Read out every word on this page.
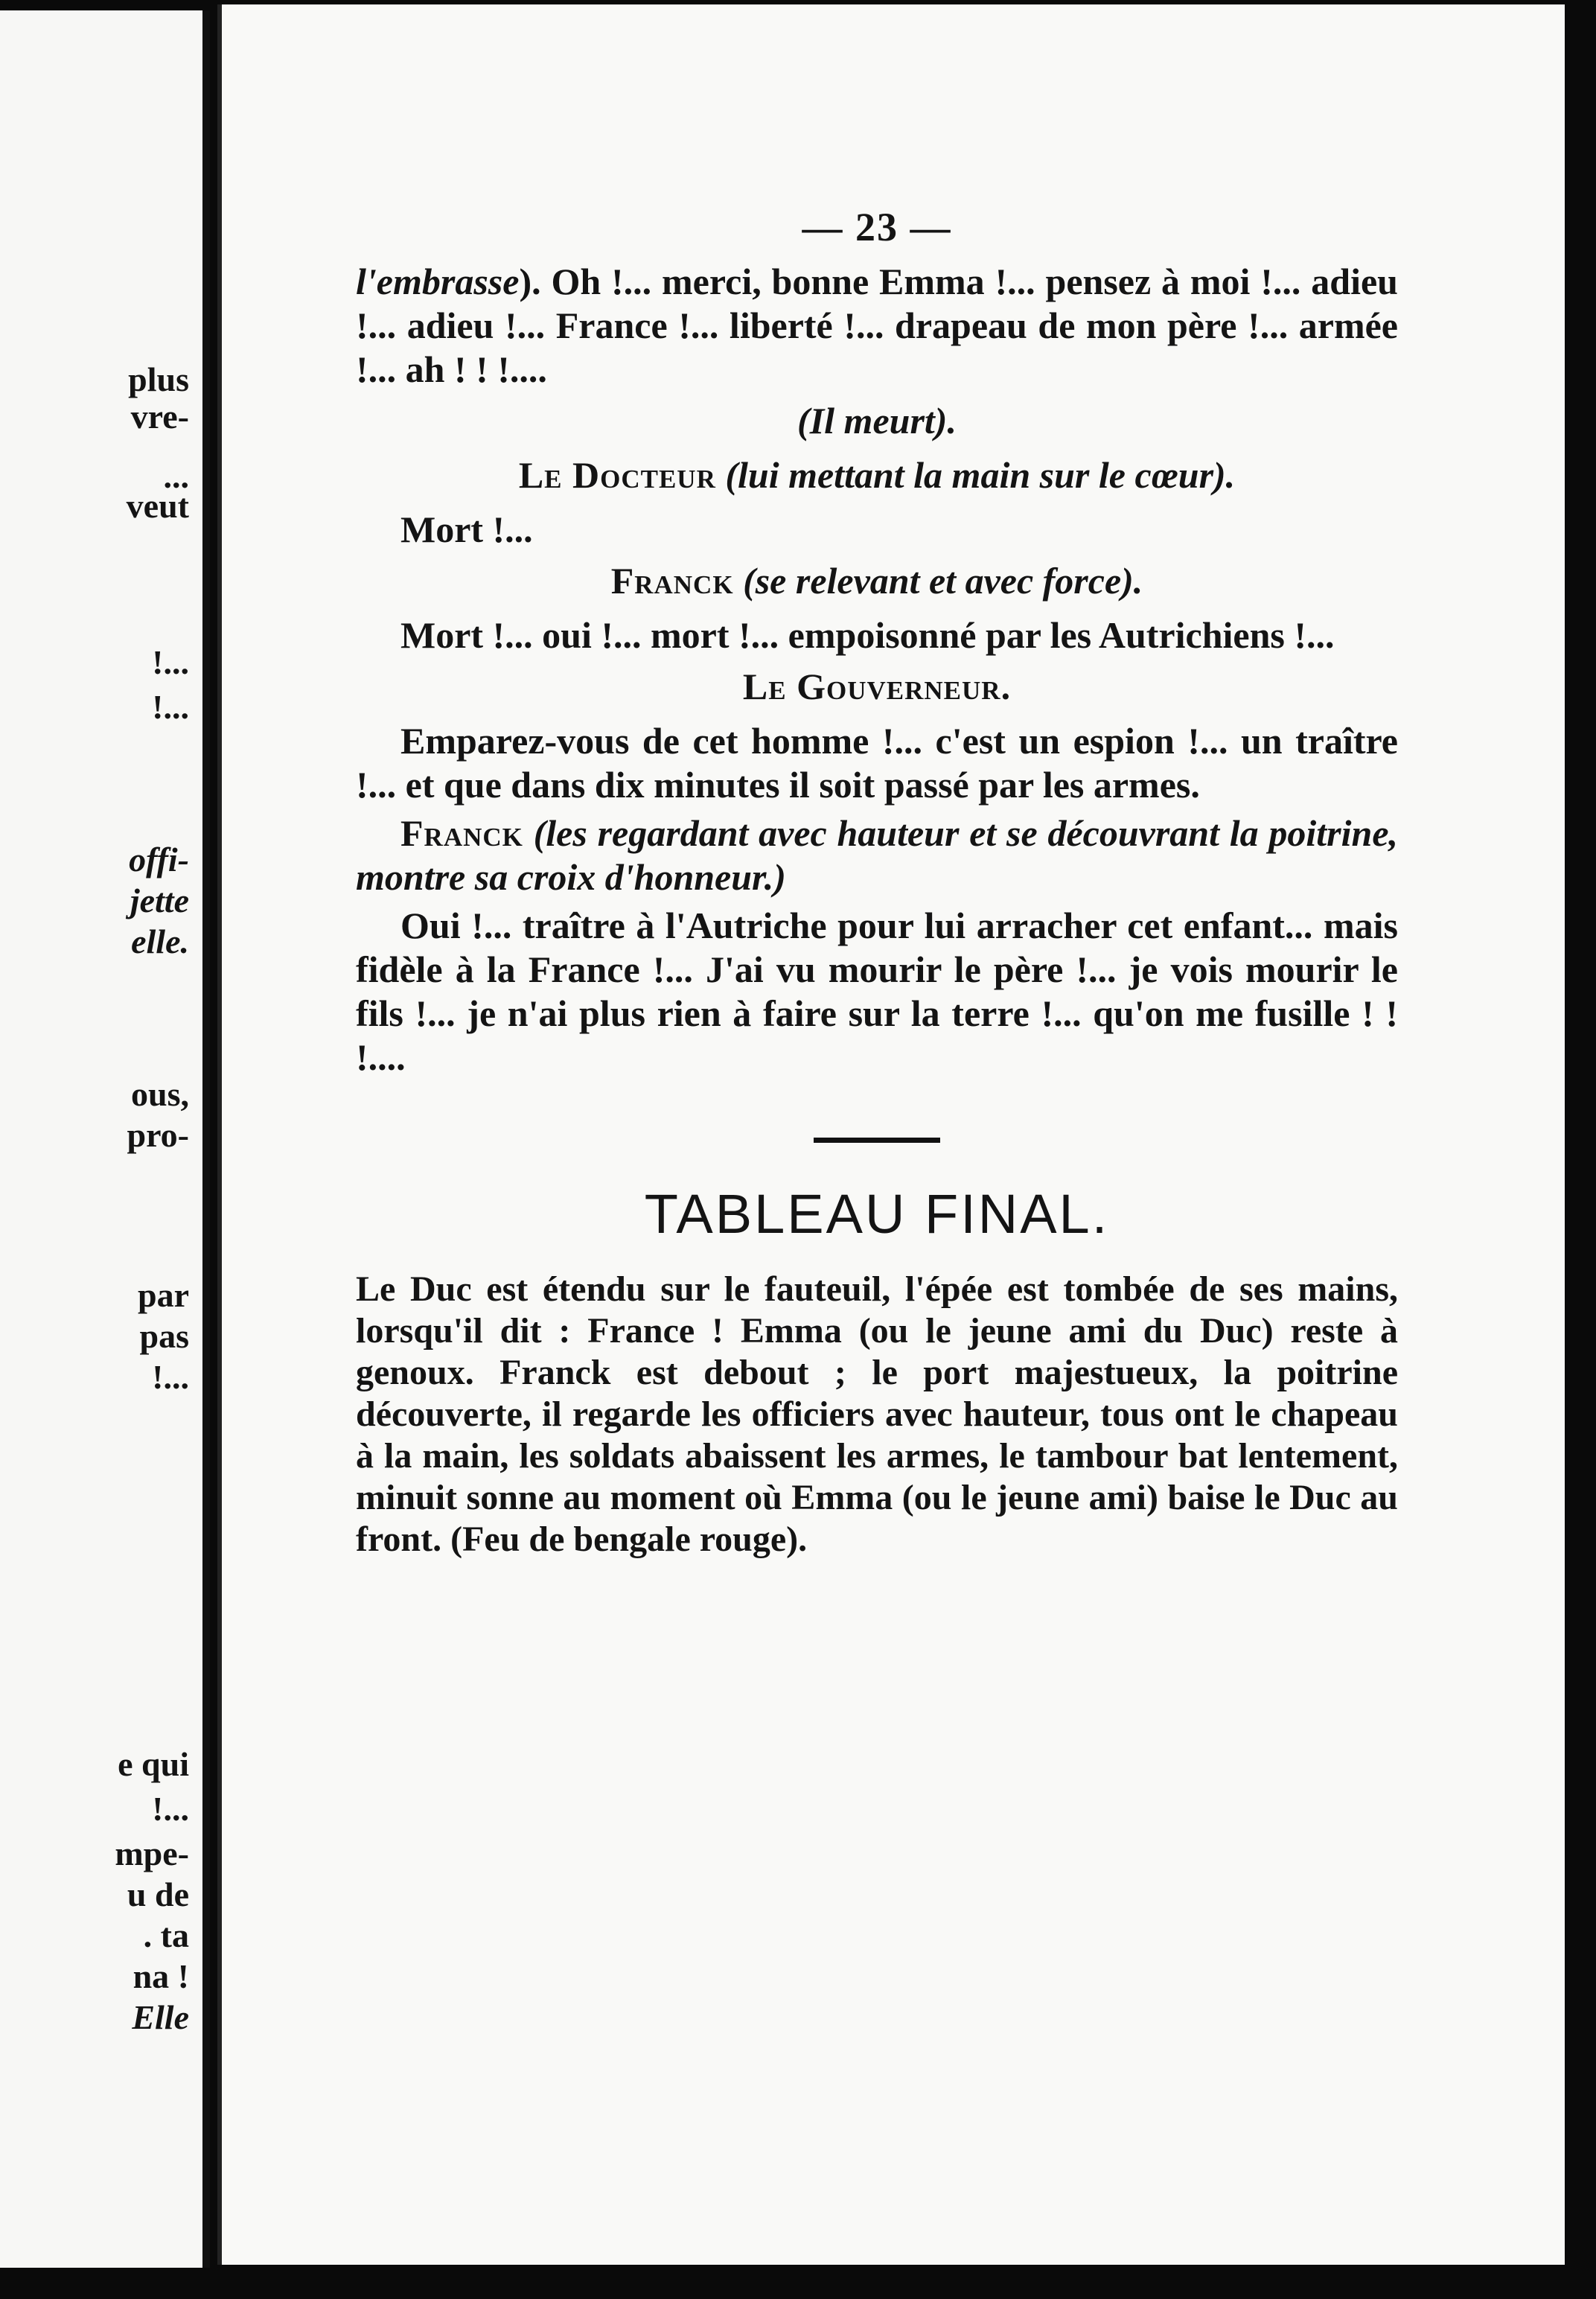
plus
vre-
...
veut
!...
!...
offi-
jette
elle.
ous,
pro-
par
pas
!...
e qui
!...
mpe-
u de
. ta
na !
Elle
— 23 —

l'embrasse). Oh !... merci, bonne Emma !... pensez à moi !... adieu !... adieu !... France !... liberté !... drapeau de mon père !... armée !... ah ! ! !....

(Il meurt).
Le Docteur (lui mettant la main sur le cœur).

Mort !...

Franck (se relevant et avec force).

Mort !... oui !... mort !... empoisonné par les Autrichiens !...

Le Gouverneur.

Emparez-vous de cet homme !... c'est un espion !... un traître !... et que dans dix minutes il soit passé par les armes.

Franck (les regardant avec hauteur et se découvrant la poitrine, montre sa croix d'honneur.)

Oui !... traître à l'Autriche pour lui arracher cet enfant... mais fidèle à la France !... J'ai vu mourir le père !... je vois mourir le fils !... je n'ai plus rien à faire sur la terre !... qu'on me fusille ! ! !....

TABLEAU FINAL.

Le Duc est étendu sur le fauteuil, l'épée est tombée de ses mains, lorsqu'il dit : France ! Emma (ou le jeune ami du Duc) reste à genoux. Franck est debout ; le port majestueux, la poitrine découverte, il regarde les officiers avec hauteur, tous ont le chapeau à la main, les soldats abaissent les armes, le tambour bat lentement, minuit sonne au moment où Emma (ou le jeune ami) baise le Duc au front. (Feu de bengale rouge).
